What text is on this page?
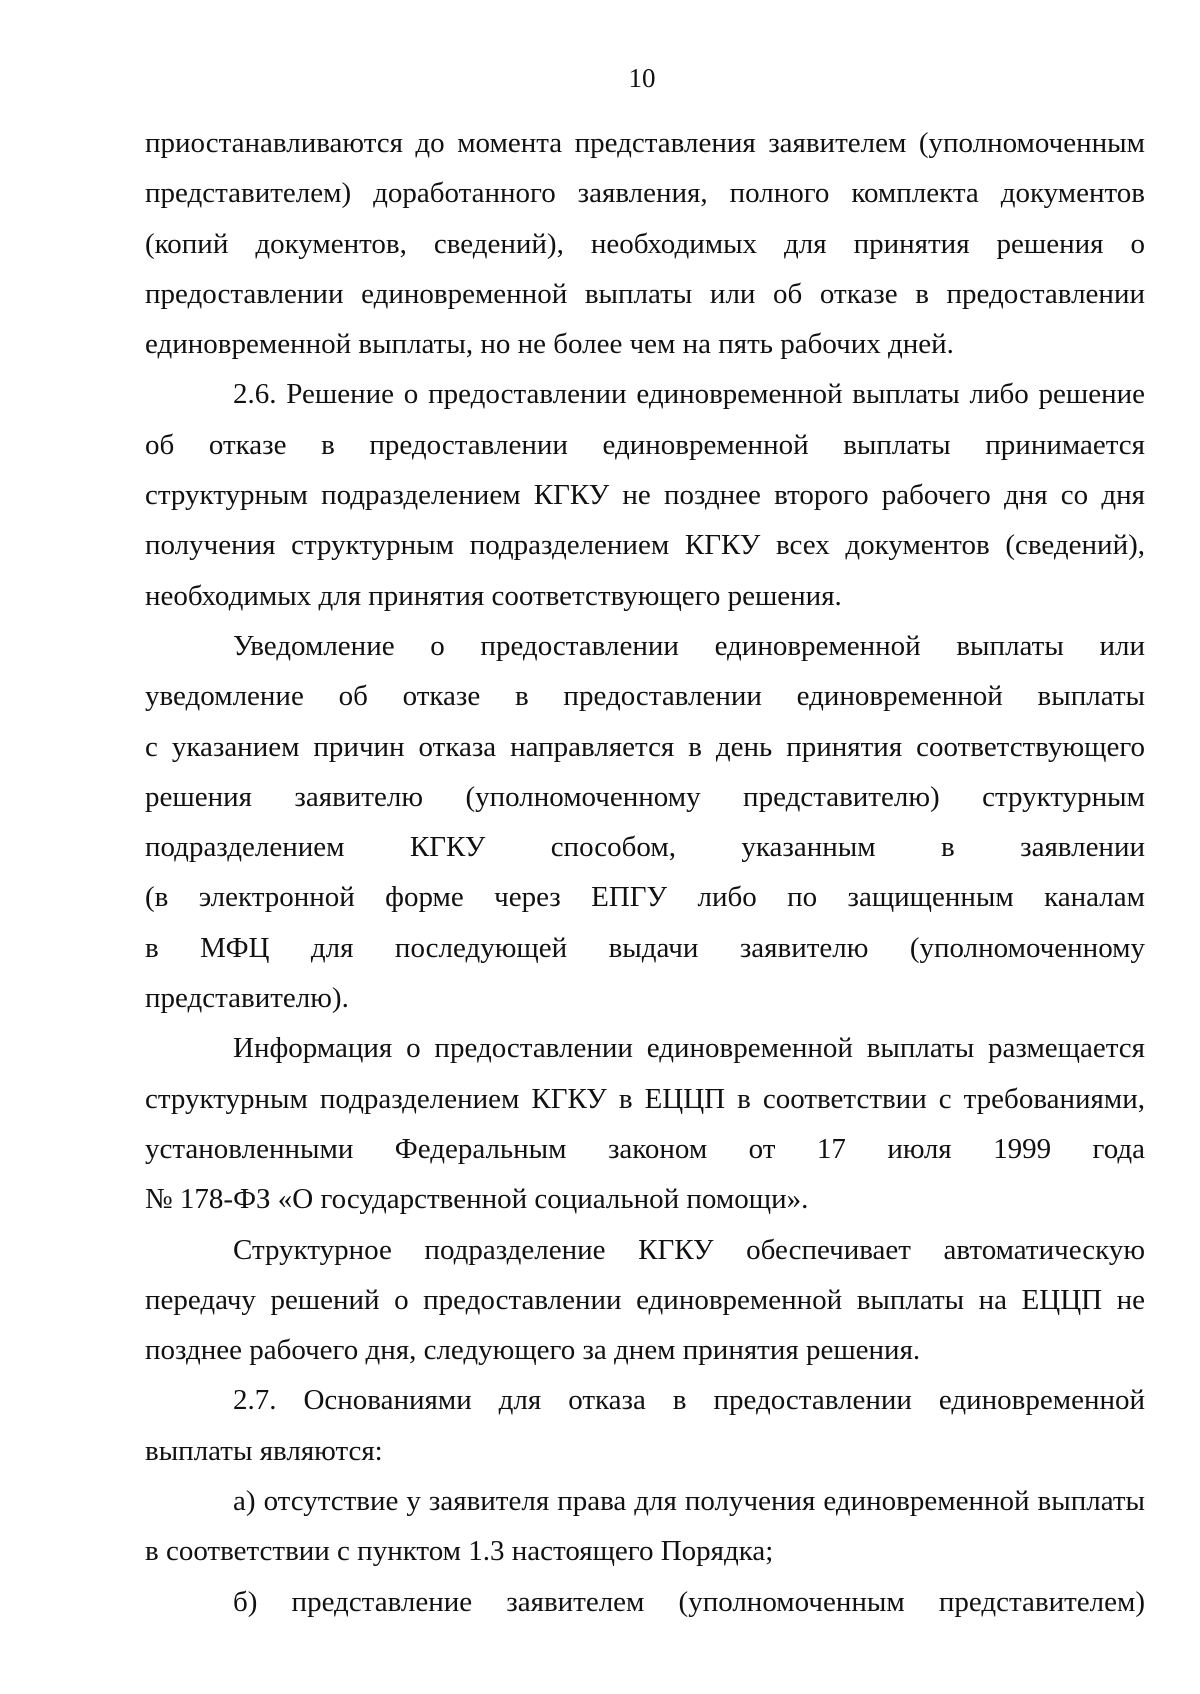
10
приостанавливаются до момента представления заявителем (уполномоченным
представителем) доработанного заявления, полного комплекта документов
(копий документов, сведений), необходимых для принятия решения о
предоставлении единовременной выплаты или об отказе в предоставлении
единовременной выплаты, но не более чем на пять рабочих дней.
2.6. Решение о предоставлении единовременной выплаты либо решение
об отказе в предоставлении единовременной выплаты принимается
структурным подразделением КГКУ не позднее второго рабочего дня со дня
получения структурным подразделением КГКУ всех документов (сведений),
необходимых для принятия соответствующего решения.
Уведомление о предоставлении единовременной выплаты или
уведомление об отказе в предоставлении единовременной выплаты
с указанием причин отказа направляется в день принятия соответствующего
решения заявителю (уполномоченному представителю) структурным
подразделением КГКУ способом, указанным в заявлении
(в электронной форме через ЕПГУ либо по защищенным каналам
в МФЦ для последующей выдачи заявителю (уполномоченному
представителю).
Информация о предоставлении единовременной выплаты размещается
структурным подразделением КГКУ в ЕЦЦП в соответствии с требованиями,
установленными Федеральным законом от 17 июля 1999 года
№ 178-ФЗ «О государственной социальной помощи».
Структурное подразделение КГКУ обеспечивает автоматическую
передачу решений о предоставлении единовременной выплаты на ЕЦЦП не
позднее рабочего дня, следующего за днем принятия решения.
2.7. Основаниями для отказа в предоставлении единовременной
выплаты являются:
а) отсутствие у заявителя права для получения единовременной выплаты
в соответствии с пунктом 1.3 настоящего Порядка;
б) представление заявителем (уполномоченным представителем)
